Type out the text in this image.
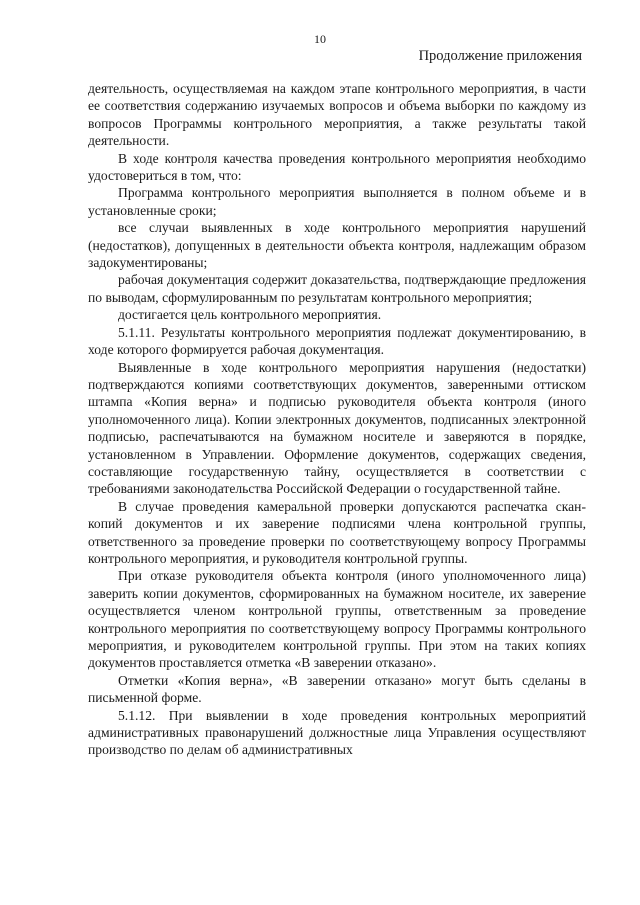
10
Продолжение приложения

деятельность, осуществляемая на каждом этапе контрольного мероприятия, в части ее соответствия содержанию изучаемых вопросов и объема выборки по каждому из вопросов Программы контрольного мероприятия, а также результаты такой деятельности.

В ходе контроля качества проведения контрольного мероприятия необходимо удостовериться в том, что:

Программа контрольного мероприятия выполняется в полном объеме и в установленные сроки;

все случаи выявленных в ходе контрольного мероприятия нарушений (недостатков), допущенных в деятельности объекта контроля, надлежащим образом задокументированы;

рабочая документация содержит доказательства, подтверждающие предложения по выводам, сформулированным по результатам контрольного мероприятия;

достигается цель контрольного мероприятия.

5.1.11. Результаты контрольного мероприятия подлежат документированию, в ходе которого формируется рабочая документация.

Выявленные в ходе контрольного мероприятия нарушения (недостатки) подтверждаются копиями соответствующих документов, заверенными оттиском штампа «Копия верна» и подписью руководителя объекта контроля (иного уполномоченного лица). Копии электронных документов, подписанных электронной подписью, распечатываются на бумажном носителе и заверяются в порядке, установленном в Управлении. Оформление документов, содержащих сведения, составляющие государственную тайну, осуществляется в соответствии с требованиями законодательства Российской Федерации о государственной тайне.

В случае проведения камеральной проверки допускаются распечатка скан-копий документов и их заверение подписями члена контрольной группы, ответственного за проведение проверки по соответствующему вопросу Программы контрольного мероприятия, и руководителя контрольной группы.

При отказе руководителя объекта контроля (иного уполномоченного лица) заверить копии документов, сформированных на бумажном носителе, их заверение осуществляется членом контрольной группы, ответственным за проведение контрольного мероприятия по соответствующему вопросу Программы контрольного мероприятия, и руководителем контрольной группы. При этом на таких копиях документов проставляется отметка «В заверении отказано».

Отметки «Копия верна», «В заверении отказано» могут быть сделаны в письменной форме.

5.1.12. При выявлении в ходе проведения контрольных мероприятий административных правонарушений должностные лица Управления осуществляют производство по делам об административных
